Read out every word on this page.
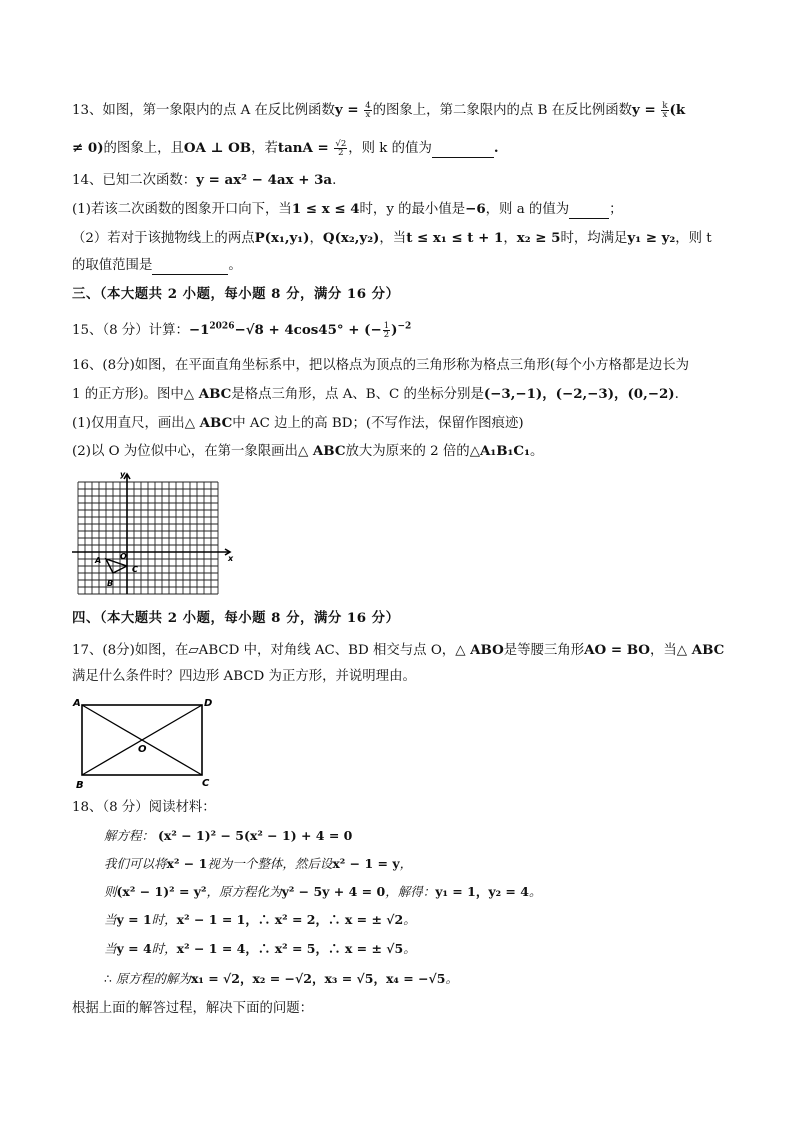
13、如图，第一象限内的点 A 在反比例函数$y = \frac{4}{x}$ 的图象上，第二象限内的点 B 在反比例函数$y = \frac{k}{x} (k$
≠ 0)的图象上，且OA ⊥ OB，若$\tan A = \frac{√2}{2}$ ，则 k 的值为	.
14、已知二次函数：y = ax² − 4ax + 3a.
(1)若该二次函数的图象开口向下，当1 ≤ x ≤ 4时，y 的最小值是−6，则 a 的值为	；
（2）若对于该抛物线上的两点P(x₁,y₁)，Q(x₂,y₂)，当t ≤ x₁ ≤ t + 1，x₂ ≥ 5时，均满足y₁ ≥ y₂，则 t
的取值范围是	。
三、（本大题共 2 小题，每小题 8 分，满分 16 分）
15、（8 分）计算：$-1^{2026}-√8 + 4\cos 45^\circ$ + (− $\frac{1}{2} )^{-2}$
16、(8分)如图，在平面直角坐标系中，把以格点为顶点的三角形称为格点三角形(每个小方格都是边长为
1 的正方形)。图中△ ABC是格点三角形，点 A、B、C 的坐标分别是(−3,−1)，(−2,−3)，(0,−2).
(1)仅用直尺，画出△ ABC中 AC 边上的高 BD；(不写作法，保留作图痕迹)
(2)以 O 为位似中心，在第一象限画出△ ABC放大为原来的 2 倍的△A₁B₁C₁。
y
x
O
A
B
C
四、（本大题共 2 小题，每小题 8 分，满分 16 分）
17、(8分)如图，在▱ABCD 中，对角线 AC、BD 相交与点 O，△ ABO是等腰三角形AO = BO，当△ ABC
满足什么条件时？四边形 ABCD 为正方形，并说明理由。
A	D
B	C
O
18、（8 分）阅读材料：
解方程： (x² − 1)² − 5(x² − 1) + 4 = 0
我们可以将x² − 1视为一个整体，然后设x² − 1 = y，
则(x² − 1)² = y²，原方程化为y² − 5y + 4 = 0，解得：y₁ = 1，y₂ = 4。
当y = 1时，x² − 1 = 1，∴ x² = 2，∴ x = ± √2。
当y = 4时，x² − 1 = 4，∴ x² = 5，∴ x = ± √5。
∴ 原方程的解为x₁ = √2，x₂ = −√2，x₃ = √5，x₄ = −√5。
根据上面的解答过程，解决下面的问题：
